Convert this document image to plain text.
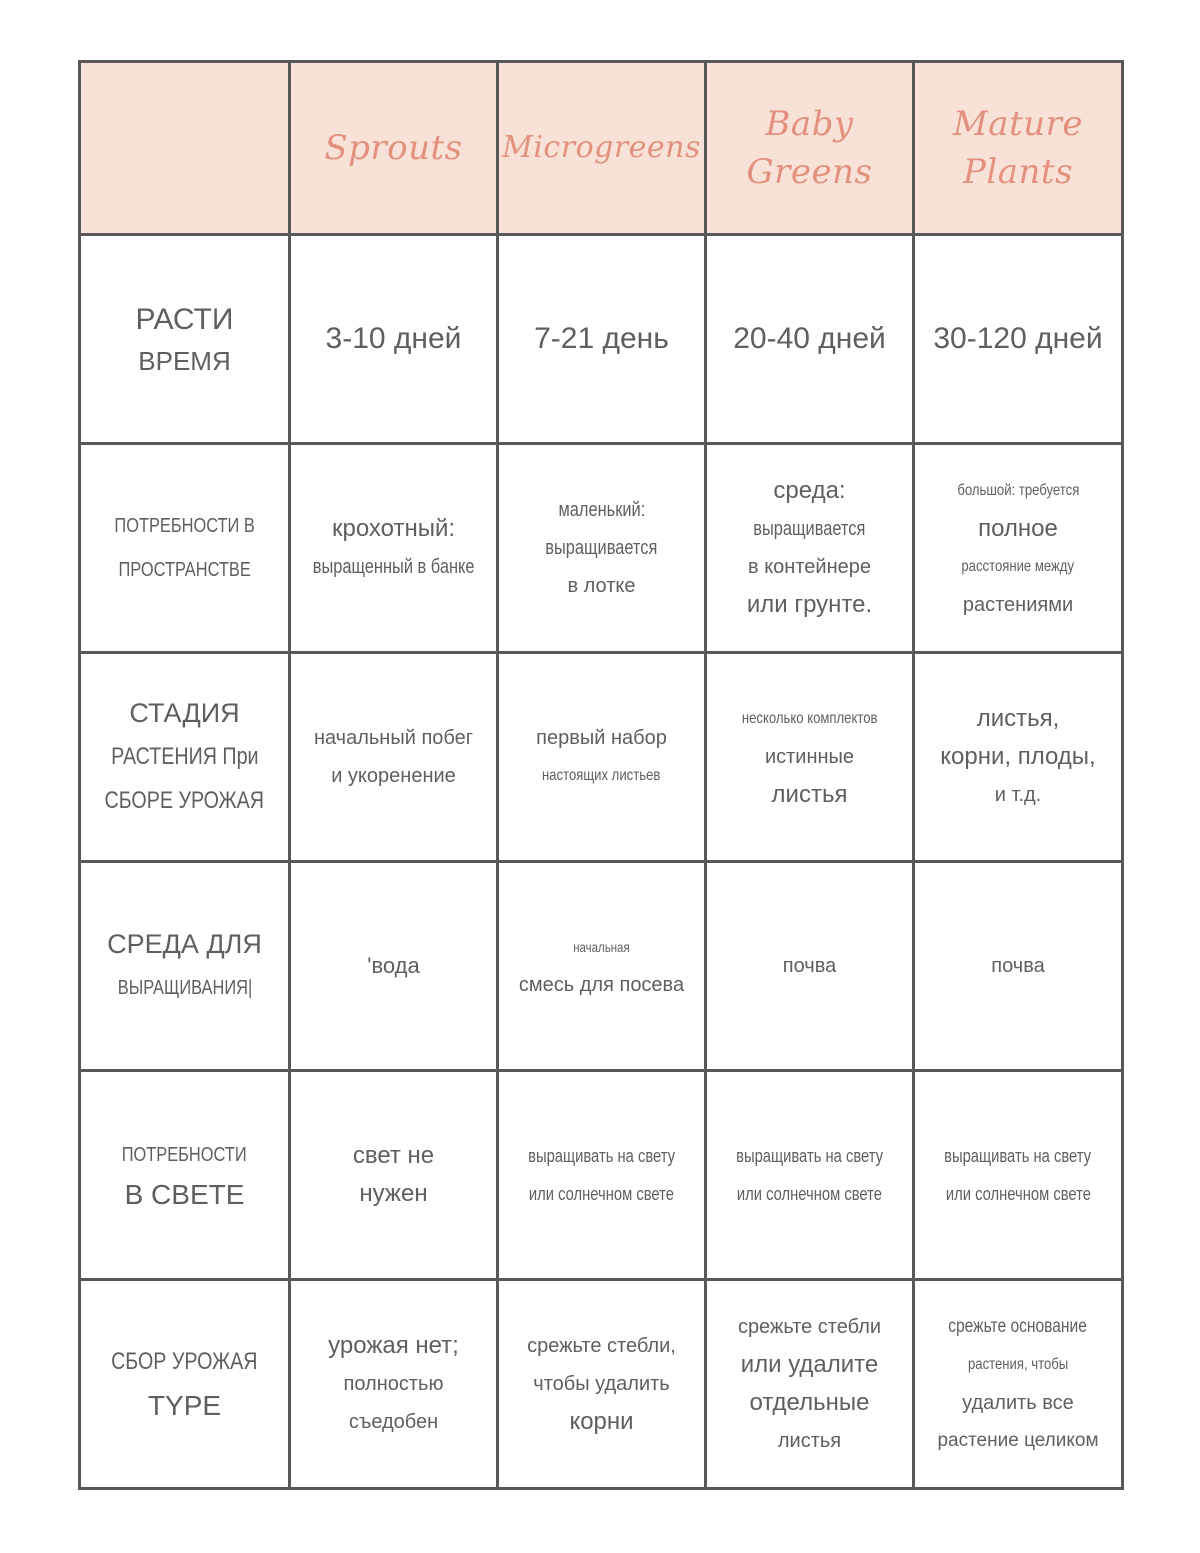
Sprouts Microgreens
Baby
Greens
Mature
Plants
РАСТИ
ВРЕМЯ
3-10 дней 7-21 день 20-40 дней 30-120 дней
ПОТРЕБНОСТИ В
ПРОСТРАНСТВЕ
крохотный:
выращенный в банке
маленький:
выращивается
в лотке
среда:
выращивается
в контейнере
или грунте.
большой: требуется
полное
расстояние между
растениями
СТАДИЯ
РАСТЕНИЯ При
СБОРЕ УРОЖАЯ
начальный побег
и укоренение
первый набор
настоящих листьев
несколько комплектов
истинные
листья
листья,
корни, плоды,
и т.д.
СРЕДА ДЛЯ
ВЫРАЩИВАНИЯ|
'вода
начальная
смесь для посева
почва	почва
ПОТРЕБНОСТИ
В СВЕТЕ
свет не
нужен
выращивать на свету
или солнечном свете
выращивать на свету
или солнечном свете
выращивать на свету
или солнечном свете
СБОР УРОЖАЯ
TYPE
урожая нет;
полностью
съедобен
срежьте стебли,
чтобы удалить
корни
срежьте стебли
или удалите
отдельные
листья
срежьте основание
растения, чтобы
удалить все
растение целиком
